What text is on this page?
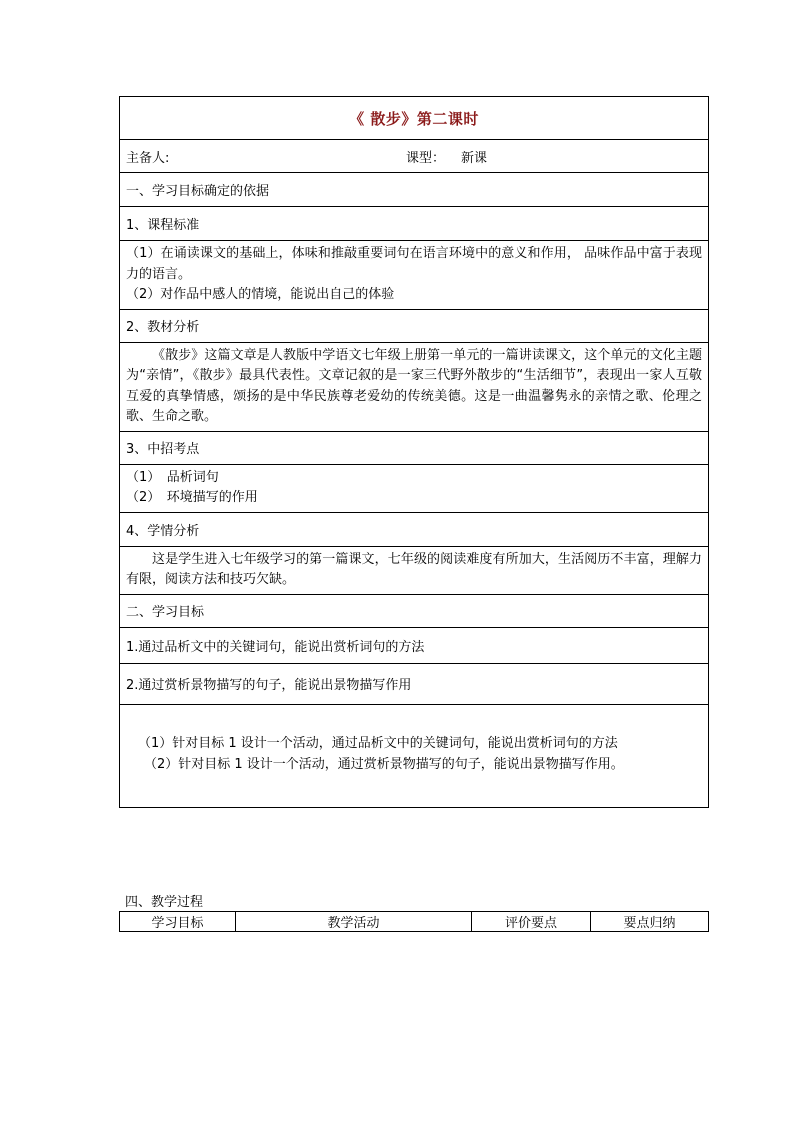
《 散步》第二课时
主备人:	课型： 新课
一、学习目标确定的依据
1、课程标准

（1）在诵读课文的基础上，体味和推敲重要词句在语言环境中的意义和作用， 品味作品中富于表现力的语言。

（2）对作品中感人的情境，能说出自己的体验

2、教材分析

《散步》这篇文章是人教版中学语文七年级上册第一单元的一篇讲读课文，这个单元的文化主题为“亲情”，《散步》最具代表性。文章记叙的是一家三代野外散步的“生活细节”，表现出一家人互敬互爱的真挚情感，颂扬的是中华民族尊老爱幼的传统美德。这是一曲温馨隽永的亲情之歌、伦理之歌、生命之歌。

3、中招考点

（1）　品析词句

（2）　环境描写的作用

4、学情分析

这是学生进入七年级学习的第一篇课文，七年级的阅读难度有所加大，生活阅历不丰富，理解力有限，阅读方法和技巧欠缺。

二、学习目标
1.通过品析文中的关键词句，能说出赏析词句的方法
2.通过赏析景物描写的句子，能说出景物描写作用

（1）针对目标 1 设计一个活动，通过品析文中的关键词句，能说出赏析词句的方法

（2）针对目标 1 设计一个活动，通过赏析景物描写的句子，能说出景物描写作用。

四、教学过程
学习目标	教学活动	评价要点	要点归纳
